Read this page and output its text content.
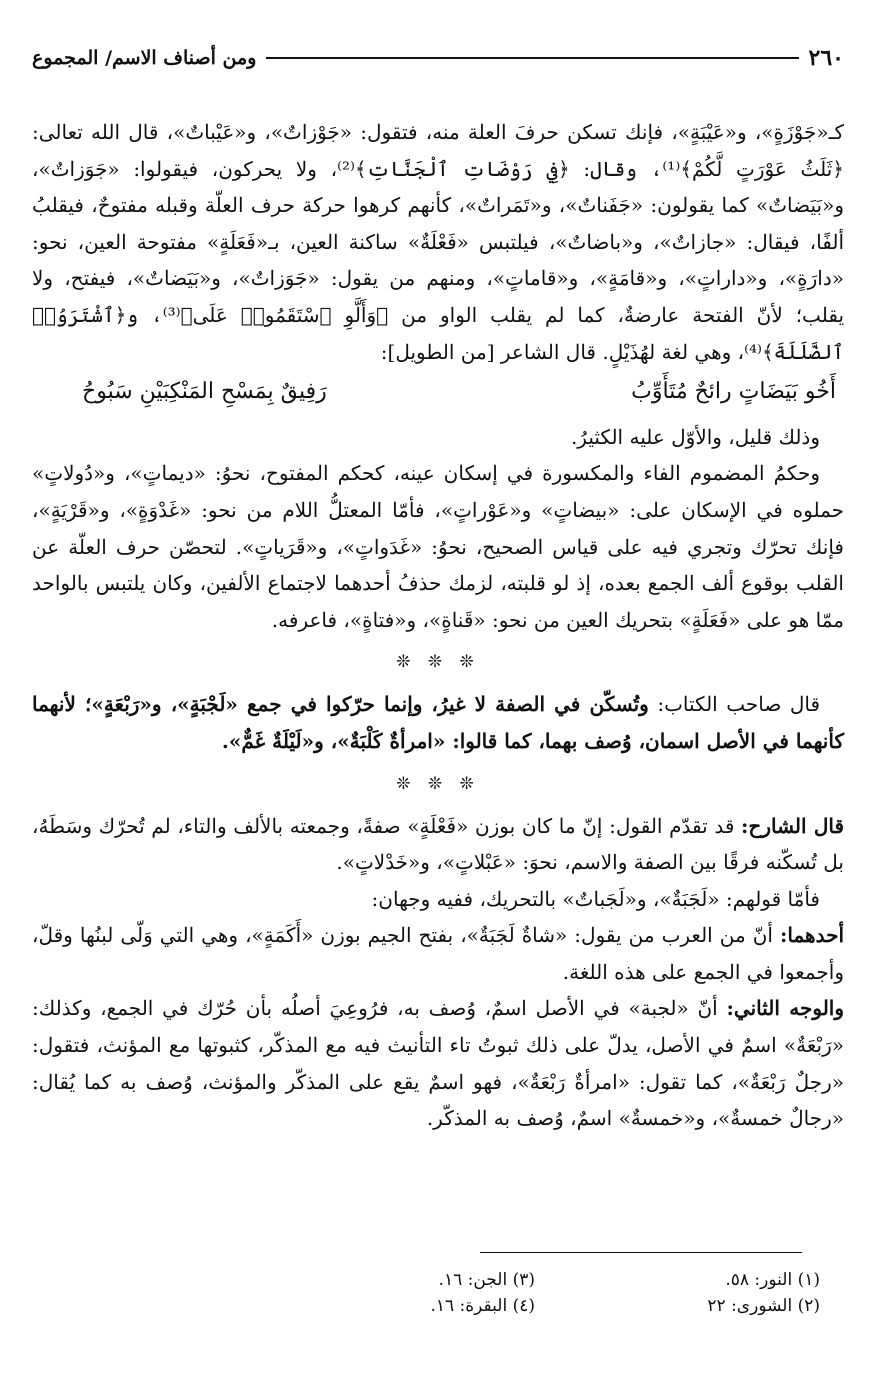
٢٦٠
ومن أصناف الاسم/ المجموع

كـ«جَوْزَةٍ»، و«عَيْبَةٍ»، فإنك تسكن حرفَ العلة منه، فتقول: «جَوْزاتٌ»، و«عَيْباتٌ»، قال الله تعالى: ﴿ثَلَثُ عَوْرَتٍ لَّكُمْ﴾⁽¹⁾، وقال: ﴿فِي رَوْضَاتِ ٱلْجَنَّاتِ﴾⁽²⁾، ولا يحركون، فيقولوا: «جَوَزاتٌ»، و«بَيَضاتٌ» كما يقولون: «جَفَناتٌ»، و«تَمَراتٌ»، كأنهم كرهوا حركة حرف العلّة وقبله مفتوحٌ، فيقلبُ ألفًا، فيقال: «جازاتٌ»، و«باضاتٌ»، فيلتبس «فَعْلَةٌ» ساكنة العين، بـ«فَعَلَةٍ» مفتوحة العين، نحو: «دارَةٍ»، و«داراتٍ»، و«قامَةٍ»، و«قاماتٍ»، ومنهم من يقول: «جَوَزاتٌ»، و«بَيَضاتٌ»، فيفتح، ولا يقلب؛ لأنّ الفتحة عارضةٌ، كما لم يقلب الواو من ﴿وَأَلَّوِ ٱسْتَقَمُوا۟ عَلَى﴾⁽³⁾، و﴿ٱشْتَرَوُا۟ ٱلضَّلَلَةَ﴾⁽⁴⁾، وهي لغة لهُذَيْلٍ. قال الشاعر [من الطويل]:

أَخُو بَيَضَاتٍ رائحٌ مُتَأَوِّبُ
رَفِيقٌ بِمَسْحِ المَنْكِبَيْنِ سَبُوحُ

وذلك قليل، والأوّل عليه الكثيرُ.

وحكمُ المضموم الفاء والمكسورة في إسكان عينه، كحكم المفتوح، نحوُ: «ديماتٍ»، و«دُولاتٍ» حملوه في الإسكان على: «بيضاتٍ» و«عَوْراتٍ»، فأمّا المعتلُّ اللام من نحو: «غَدْوَةٍ»، و«قَرْيَةٍ»، فإنك تحرّك وتجري فيه على قياس الصحيح، نحوُ: «غَدَواتٍ»، و«قَرَياتٍ». لتحصّن حرف العلّة عن القلب بوقوع ألف الجمع بعده، إذ لو قلبته، لزمك حذفُ أحدهما لاجتماع الألفين، وكان يلتبس بالواحد ممّا هو على «فَعَلَةٍ» بتحريك العين من نحو: «قَناةٍ»، و«فتاةٍ»، فاعرفه.

❊ ❊ ❊

قال صاحب الكتاب: وتُسكّن في الصفة لا غيرُ، وإنما حرّكوا في جمع «لَجْبَةٍ»، و«رَبْعَةٍ»؛ لأنهما كأنهما في الأصل اسمان، وُصف بهما، كما قالوا: «امرأةٌ كَلْبَةٌ»، و«لَيْلَةٌ غَمٌّ».

❊ ❊ ❊

قال الشارح: قد تقدّم القول: إنّ ما كان بوزن «فَعْلَةٍ» صفةً، وجمعته بالألف والتاء، لم تُحرّك وسَطَهُ، بل تُسكّنه فرقًا بين الصفة والاسم، نحوَ: «عَبْلاتٍ»، و«خَدْلاتٍ».

فأمّا قولهم: «لَجَبَةٌ»، و«لَجَباتٌ» بالتحريك، ففيه وجهان:

أحدهما: أنّ من العرب من يقول: «شاةٌ لَجَبَةٌ»، بفتح الجيم بوزن «أَكَمَةٍ»، وهي التي وَلّى لبنُها وقلّ، وأجمعوا في الجمع على هذه اللغة.

والوجه الثاني: أنّ «لجبة» في الأصل اسمٌ، وُصف به، فرُوعِيَ أصلُه بأن حُرّك في الجمع، وكذلك: «رَبْعَةٌ» اسمٌ في الأصل، يدلّ على ذلك ثبوتُ تاء التأنيث فيه مع المذكّر، كثبوتها مع المؤنث، فتقول: «رجلٌ رَبْعَةٌ»، كما تقول: «امرأةٌ رَبْعَةٌ»، فهو اسمٌ يقع على المذكّر والمؤنث، وُصف به كما يُقال: «رجالٌ خمسةٌ»، و«خمسةٌ» اسمٌ، وُصف به المذكّر.

(١) النور: ٥٨.
(٣) الجن: ١٦.
(٢) الشورى: ٢٢
(٤) البقرة: ١٦.
